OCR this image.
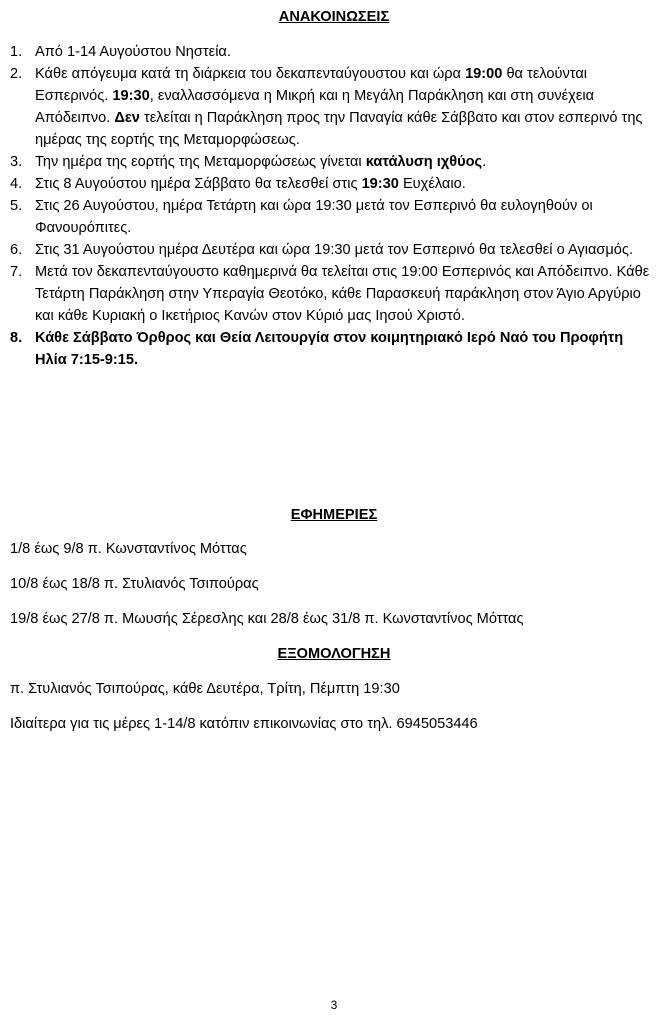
ΑΝΑΚΟΙΝΩΣΕΙΣ
1. Από 1-14 Αυγούστου Νηστεία.
2. Κάθε απόγευμα κατά τη διάρκεια του δεκαπενταύγουστου και ώρα 19:00 θα τελούνται Εσπερινός. 19:30, εναλλασσόμενα η Μικρή και η Μεγάλη Παράκληση και στη συνέχεια Απόδειπνο. Δεν τελείται η Παράκληση προς την Παναγία κάθε Σάββατο και στον εσπερινό της ημέρας της εορτής της Μεταμορφώσεως.
3. Την ημέρα της εορτής της Μεταμορφώσεως γίνεται κατάλυση ιχθύος.
4. Στις 8 Αυγούστου ημέρα Σάββατο θα τελεσθεί στις 19:30 Ευχέλαιο.
5. Στις 26 Αυγούστου, ημέρα Τετάρτη και ώρα 19:30 μετά τον Εσπερινό θα ευλογηθούν οι Φανουρόπιτες.
6. Στις 31 Αυγούστου ημέρα Δευτέρα και ώρα 19:30 μετά τον Εσπερινό θα τελεσθεί ο Αγιασμός.
7. Μετά τον δεκαπενταύγουστο καθημερινά θα τελείται στις 19:00 Εσπερινός και Απόδειπνο. Κάθε Τετάρτη Παράκληση στην Υπεραγία Θεοτόκο, κάθε Παρασκευή παράκληση στον Άγιο Αργύριο και κάθε Κυριακή ο Ικετήριος Κανών στον Κύριό μας Ιησού Χριστό.
8. Κάθε Σάββατο Όρθρος και Θεία Λειτουργία στον κοιμητηριακό Ιερό Ναό του Προφήτη Ηλία 7:15-9:15.
ΕΦΗΜΕΡΙΕΣ
1/8 έως 9/8 π. Κωνσταντίνος Μόττας
10/8 έως 18/8 π. Στυλιανός Τσιπούρας
19/8 έως 27/8 π. Μωυσής Σέρεσλης και 28/8 έως 31/8 π. Κωνσταντίνος Μόττας
ΕΞΟΜΟΛΟΓΗΣΗ
π. Στυλιανός Τσιπούρας, κάθε Δευτέρα, Τρίτη, Πέμπτη 19:30
Ιδιαίτερα για τις μέρες 1-14/8 κατόπιν επικοινωνίας στο τηλ. 6945053446
3
